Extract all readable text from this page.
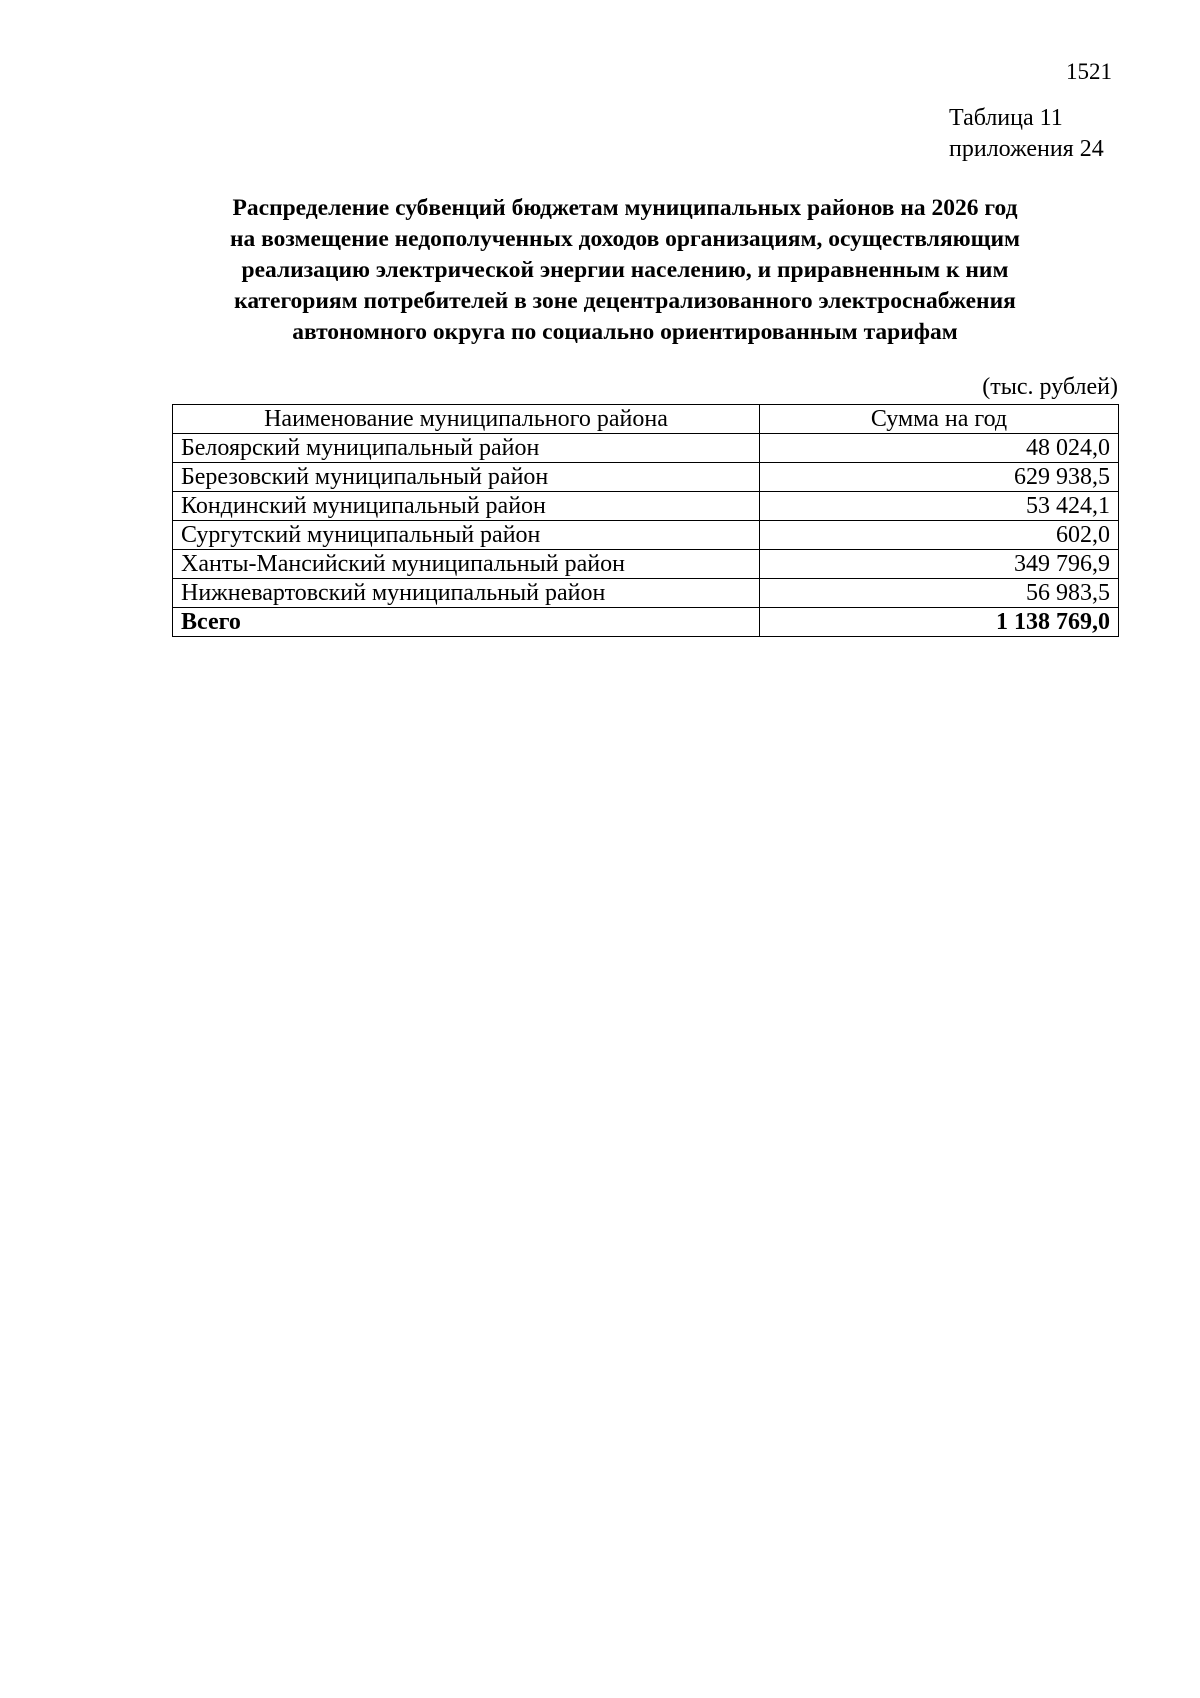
1521
Таблица 11
приложения 24
Распределение субвенций бюджетам муниципальных районов на 2026 год
на возмещение недополученных доходов организациям, осуществляющим
реализацию электрической энергии населению, и приравненным к ним
категориям потребителей в зоне децентрализованного электроснабжения
автономного округа по социально ориентированным тарифам
(тыс. рублей)
Наименование муниципального района	Сумма на год
Белоярский муниципальный район	48 024,0
Березовский муниципальный район	629 938,5
Кондинский муниципальный район	53 424,1
Сургутский муниципальный район	602,0
Ханты-Мансийский муниципальный район	349 796,9
Нижневартовский муниципальный район	56 983,5
Всего	1 138 769,0
